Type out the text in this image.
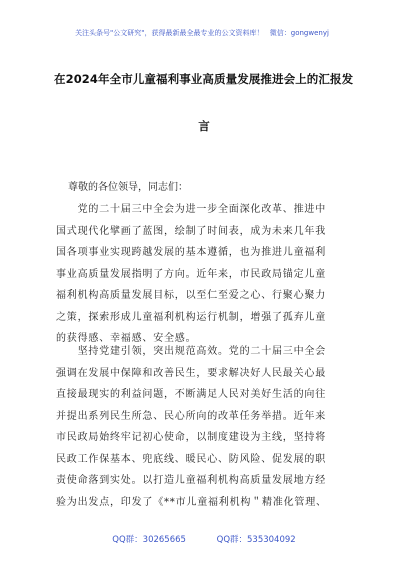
关注头条号"公文研究"，获得最新最全最专业的公文资料库！ 微信：gongwenyj
在2024年全市儿童福利事业高质量发展推进会上的汇报发
言
尊敬的各位领导，同志们：
　　党的二十届三中全会为进一步全面深化改革、推进中
国式现代化擘画了蓝图，绘制了时间表，成为未来几年我
国各项事业实现跨越发展的基本遵循，也为推进儿童福利
事业高质量发展指明了方向。近年来，市民政局锚定儿童
福利机构高质量发展目标，以至仁至爱之心、行聚心聚力
之策，探索形成儿童福利机构运行机制，增强了孤弃儿童
的获得感、幸福感、安全感。
　　坚持党建引领，突出规范高效。党的二十届三中全会
强调在发展中保障和改善民生，要求解决好人民最关心最
直接最现实的利益问题，不断满足人民对美好生活的向往
并提出系列民生所急、民心所向的改革任务举措。近年来
市民政局始终牢记初心使命，以制度建设为主线，坚持将
民政工作保基本、兜底线、暖民心、防风险、促发展的职
责使命落到实处。以打造儿童福利机构高质量发展地方经
验为出发点，印发了《**市儿童福利机构＂精准化管理、
QQ群：30265665	QQ群：535304092
